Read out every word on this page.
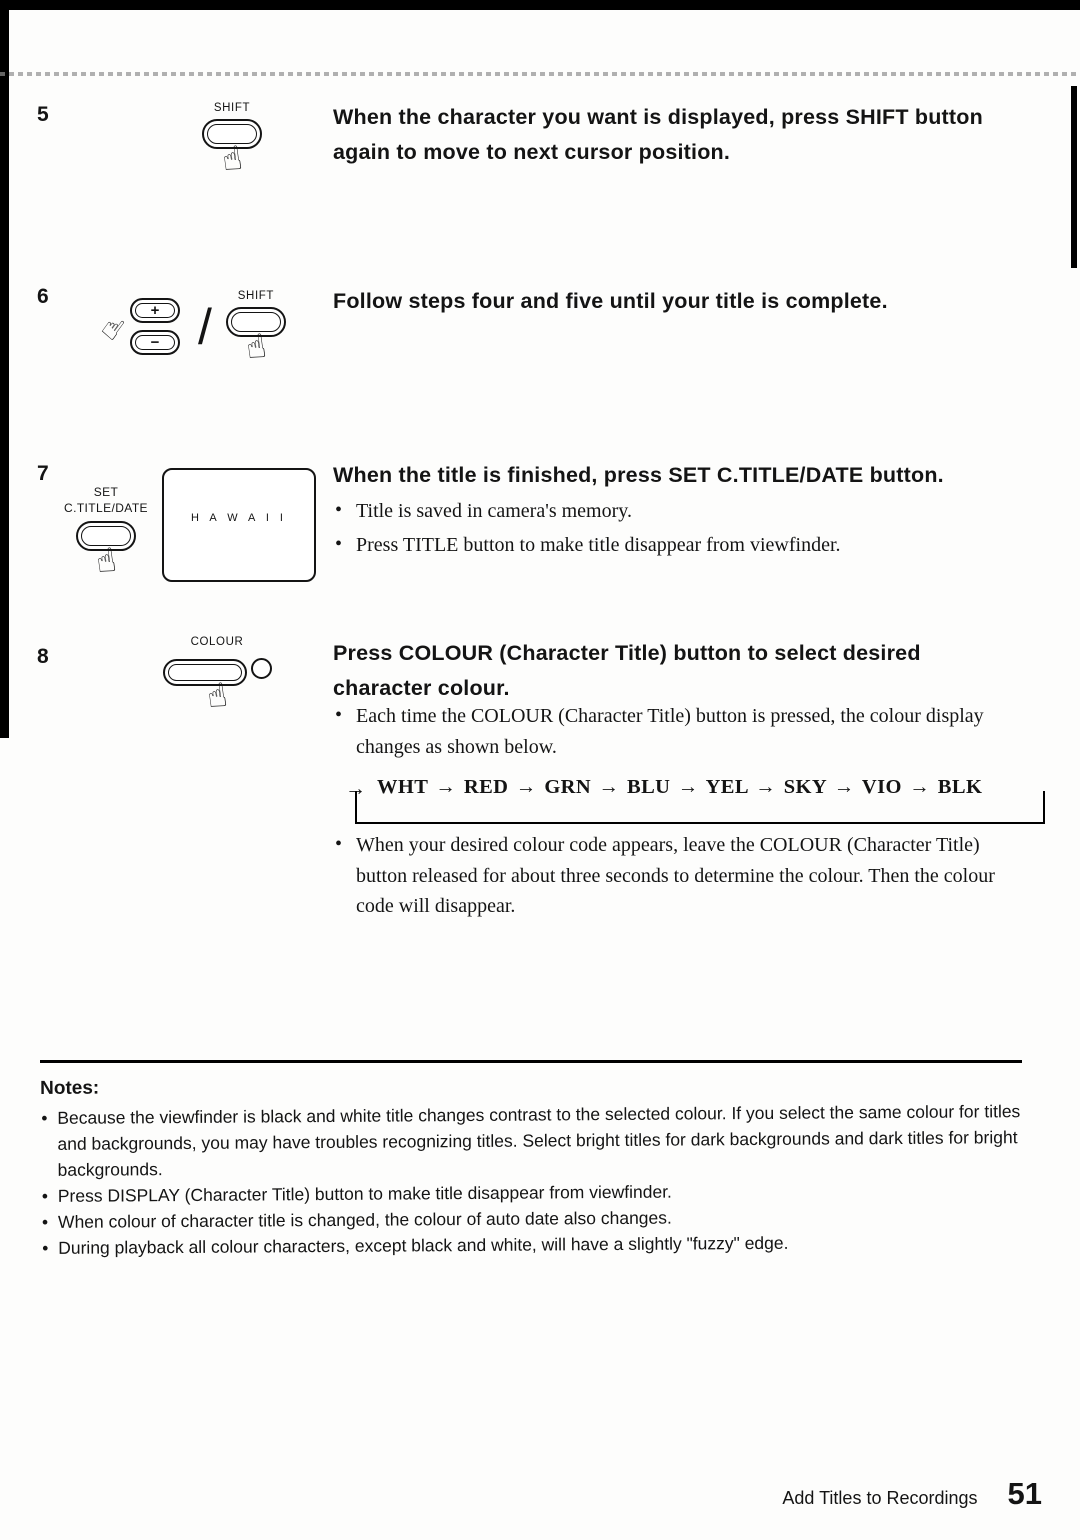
5	SHIFT
☝
When the character you want is displayed, press SHIFT button again to move to next cursor position.
6
+
−
☝ /
SHIFT
☝
Follow steps four and five until your title is complete.
7
SET
C.TITLE/DATE
☝
H A W A I I
When the title is finished, press SET C.TITLE/DATE button.
• Title is saved in camera's memory.
• Press TITLE button to make title disappear from viewfinder.
8
COLOUR
☝
Press COLOUR (Character Title) button to select desired character colour.
• Each time the COLOUR (Character Title) button is pressed, the colour display changes as shown below.
→ WHT → RED → GRN → BLU → YEL → SKY → VIO → BLK
• When your desired colour code appears, leave the COLOUR (Character Title) button released for about three seconds to determine the colour. Then the colour code will disappear.
Notes:
• Because the viewfinder is black and white title changes contrast to the selected colour. If you select the same colour for titles and backgrounds, you may have troubles recognizing titles. Select bright titles for dark backgrounds and dark titles for bright backgrounds.
• Press DISPLAY (Character Title) button to make title disappear from viewfinder.
• When colour of character title is changed, the colour of auto date also changes.
• During playback all colour characters, except black and white, will have a slightly "fuzzy" edge.
Add Titles to Recordings 51
